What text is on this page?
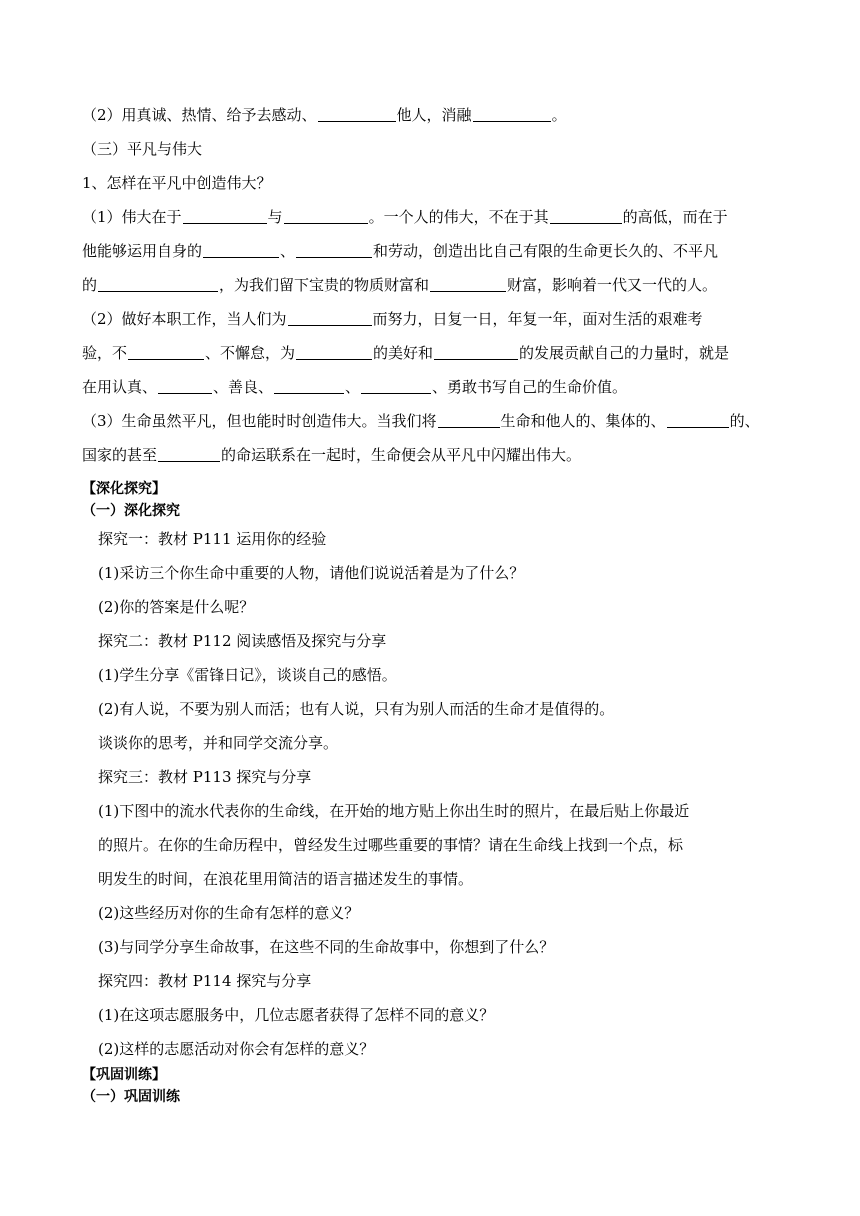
（2）用真诚、热情、给予去感动、	他人，消融	。
（三）平凡与伟大
1、怎样在平凡中创造伟大？
（1）伟大在于	与	。一个人的伟大，不在于其	的高低，而在于
他能够运用自身的	、	和劳动，创造出比自己有限的生命更长久的、不平凡
的	，为我们留下宝贵的物质财富和	财富，影响着一代又一代的人。
（2）做好本职工作，当人们为	而努力，日复一日，年复一年，面对生活的艰难考
验，不	、不懈怠，为	的美好和	的发展贡献自己的力量时，就是
在用认真、	、善良、	、	、勇敢书写自己的生命价值。
（3）生命虽然平凡，但也能时时创造伟大。当我们将	生命和他人的、集体的、	的、
国家的甚至	的命运联系在一起时，生命便会从平凡中闪耀出伟大。
【深化探究】
（一）深化探究
探究一：教材 P111 运用你的经验
(1)采访三个你生命中重要的人物，请他们说说活着是为了什么？
(2)你的答案是什么呢？
探究二：教材 P112 阅读感悟及探究与分享
(1)学生分享《雷锋日记》，谈谈自己的感悟。
(2)有人说，不要为别人而活；也有人说，只有为别人而活的生命才是值得的。
谈谈你的思考，并和同学交流分享。
探究三：教材 P113 探究与分享
(1)下图中的流水代表你的生命线，在开始的地方贴上你出生时的照片，在最后贴上你最近
的照片。在你的生命历程中，曾经发生过哪些重要的事情？请在生命线上找到一个点，标
明发生的时间，在浪花里用简洁的语言描述发生的事情。
(2)这些经历对你的生命有怎样的意义？
(3)与同学分享生命故事，在这些不同的生命故事中，你想到了什么？
探究四：教材 P114 探究与分享
(1)在这项志愿服务中，几位志愿者获得了怎样不同的意义？
(2)这样的志愿活动对你会有怎样的意义？
【巩固训练】
（一）巩固训练
